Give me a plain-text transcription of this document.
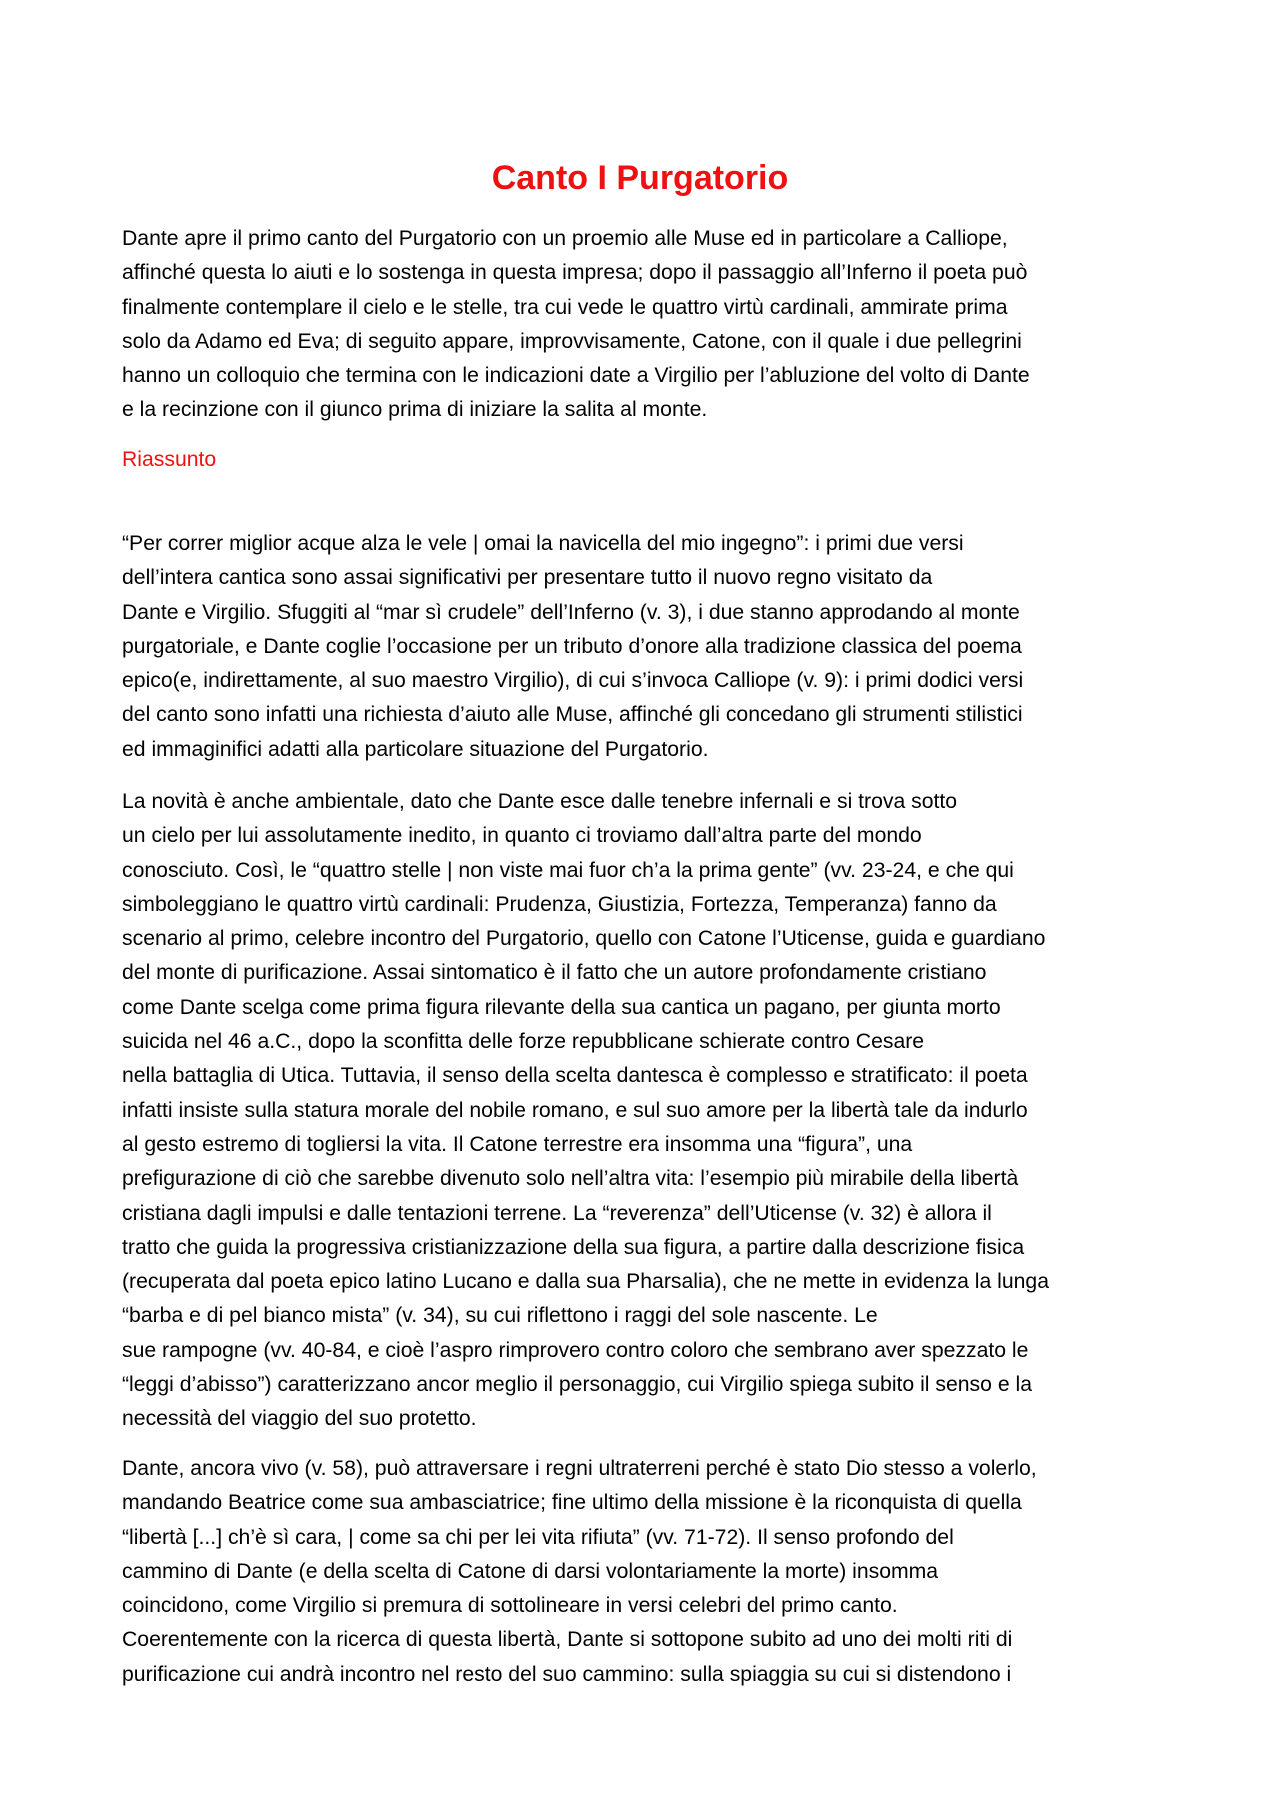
Canto I Purgatorio

Dante apre il primo canto del Purgatorio con un proemio alle Muse ed in particolare a Calliope,
affinché questa lo aiuti e lo sostenga in questa impresa; dopo il passaggio all’Inferno il poeta può
finalmente contemplare il cielo e le stelle, tra cui vede le quattro virtù cardinali, ammirate prima
solo da Adamo ed Eva; di seguito appare, improvvisamente, Catone, con il quale i due pellegrini
hanno un colloquio che termina con le indicazioni date a Virgilio per l’abluzione del volto di Dante
e la recinzione con il giunco prima di iniziare la salita al monte.

Riassunto

“Per correr miglior acque alza le vele | omai la navicella del mio ingegno”: i primi due versi
dell’intera cantica sono assai significativi per presentare tutto il nuovo regno visitato da
Dante e Virgilio. Sfuggiti al “mar sì crudele” dell’Inferno (v. 3), i due stanno approdando al monte
purgatoriale, e Dante coglie l’occasione per un tributo d’onore alla tradizione classica del poema
epico(e, indirettamente, al suo maestro Virgilio), di cui s’invoca Calliope (v. 9): i primi dodici versi
del canto sono infatti una richiesta d’aiuto alle Muse, affinché gli concedano gli strumenti stilistici
ed immaginifici adatti alla particolare situazione del Purgatorio.

La novità è anche ambientale, dato che Dante esce dalle tenebre infernali e si trova sotto
un cielo per lui assolutamente inedito, in quanto ci troviamo dall’altra parte del mondo
conosciuto. Così, le “quattro stelle | non viste mai fuor ch’a la prima gente” (vv. 23-24, e che qui
simboleggiano le quattro virtù cardinali: Prudenza, Giustizia, Fortezza, Temperanza) fanno da
scenario al primo, celebre incontro del Purgatorio, quello con Catone l’Uticense, guida e guardiano
del monte di purificazione. Assai sintomatico è il fatto che un autore profondamente cristiano
come Dante scelga come prima figura rilevante della sua cantica un pagano, per giunta morto
suicida nel 46 a.C., dopo la sconfitta delle forze repubblicane schierate contro Cesare
nella battaglia di Utica. Tuttavia, il senso della scelta dantesca è complesso e stratificato: il poeta
infatti insiste sulla statura morale del nobile romano, e sul suo amore per la libertà tale da indurlo
al gesto estremo di togliersi la vita. Il Catone terrestre era insomma una “figura”, una
prefigurazione di ciò che sarebbe divenuto solo nell’altra vita: l’esempio più mirabile della libertà
cristiana dagli impulsi e dalle tentazioni terrene. La “reverenza” dell’Uticense (v. 32) è allora il
tratto che guida la progressiva cristianizzazione della sua figura, a partire dalla descrizione fisica
(recuperata dal poeta epico latino Lucano e dalla sua Pharsalia), che ne mette in evidenza la lunga
“barba e di pel bianco mista” (v. 34), su cui riflettono i raggi del sole nascente. Le
sue rampogne (vv. 40-84, e cioè l’aspro rimprovero contro coloro che sembrano aver spezzato le
“leggi d’abisso”) caratterizzano ancor meglio il personaggio, cui Virgilio spiega subito il senso e la
necessità del viaggio del suo protetto.

Dante, ancora vivo (v. 58), può attraversare i regni ultraterreni perché è stato Dio stesso a volerlo,
mandando Beatrice come sua ambasciatrice; fine ultimo della missione è la riconquista di quella
“libertà [...] ch’è sì cara, | come sa chi per lei vita rifiuta” (vv. 71-72). Il senso profondo del
cammino di Dante (e della scelta di Catone di darsi volontariamente la morte) insomma
coincidono, come Virgilio si premura di sottolineare in versi celebri del primo canto.
Coerentemente con la ricerca di questa libertà, Dante si sottopone subito ad uno dei molti riti di
purificazione cui andrà incontro nel resto del suo cammino: sulla spiaggia su cui si distendono i
